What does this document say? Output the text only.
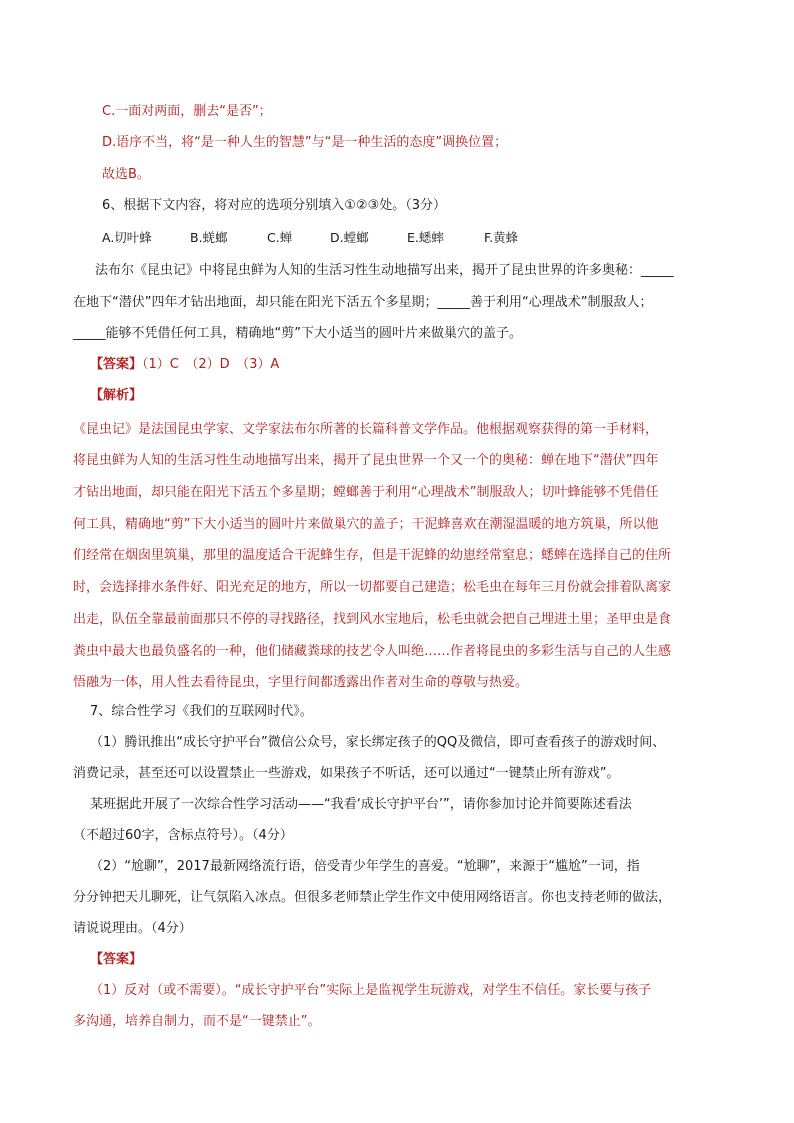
C.一面对两面，删去“是否”；
D.语序不当，将“是一种人生的智慧”与“是一种生活的态度”调换位置；
故选B。
6、根据下文内容，将对应的选项分别填入①②③处。（3分）
A.切叶蜂	B.蜣螂	C.蝉	D.螳螂	E.蟋蟀	F.黄蜂
法布尔《昆虫记》中将昆虫鲜为人知的生活习性生动地描写出来，揭开了昆虫世界的许多奥秘：_____
在地下“潜伏”四年才钻出地面，却只能在阳光下活五个多星期；_____善于利用“心理战术”制服敌人；
_____能够不凭借任何工具，精确地“剪”下大小适当的圆叶片来做巢穴的盖子。
【答案】（1）C　（2）D　（3）A
【解析】
《昆虫记》是法国昆虫学家、文学家法布尔所著的长篇科普文学作品。他根据观察获得的第一手材料，
将昆虫鲜为人知的生活习性生动地描写出来，揭开了昆虫世界一个又一个的奥秘：蝉在地下“潜伏”四年
才钻出地面，却只能在阳光下活五个多星期；螳螂善于利用“心理战术”制服敌人；切叶蜂能够不凭借任
何工具，精确地“剪”下大小适当的圆叶片来做巢穴的盖子；干泥蜂喜欢在潮湿温暖的地方筑巢，所以他
们经常在烟囱里筑巢，那里的温度适合干泥蜂生存，但是干泥蜂的幼崽经常窒息；蟋蟀在选择自己的住所
时，会选择排水条件好、阳光充足的地方，所以一切都要自己建造；松毛虫在每年三月份就会排着队离家
出走，队伍全靠最前面那只不停的寻找路径，找到风水宝地后，松毛虫就会把自己埋进土里；圣甲虫是食
粪虫中最大也最负盛名的一种，他们储藏粪球的技艺令人叫绝……作者将昆虫的多彩生活与自己的人生感
悟融为一体，用人性去看待昆虫，字里行间都透露出作者对生命的尊敬与热爱。
7、综合性学习《我们的互联网时代》。
（1）腾讯推出“成长守护平台”微信公众号，家长绑定孩子的QQ及微信，即可查看孩子的游戏时间、
消费记录，甚至还可以设置禁止一些游戏，如果孩子不听话，还可以通过“一键禁止所有游戏”。
某班据此开展了一次综合性学习活动——“我看‘成长守护平台’”，请你参加讨论并简要陈述看法
（不超过60字，含标点符号）。（4分）
（2）“尬聊”，2017最新网络流行语，倍受青少年学生的喜爱。“尬聊”，来源于“尴尬”一词，指
分分钟把天儿聊死，让气氛陷入冰点。但很多老师禁止学生作文中使用网络语言。你也支持老师的做法，
请说说理由。（4分）
【答案】
（1）反对（或不需要）。“成长守护平台”实际上是监视学生玩游戏，对学生不信任。家长要与孩子
多沟通，培养自制力，而不是“一键禁止”。
